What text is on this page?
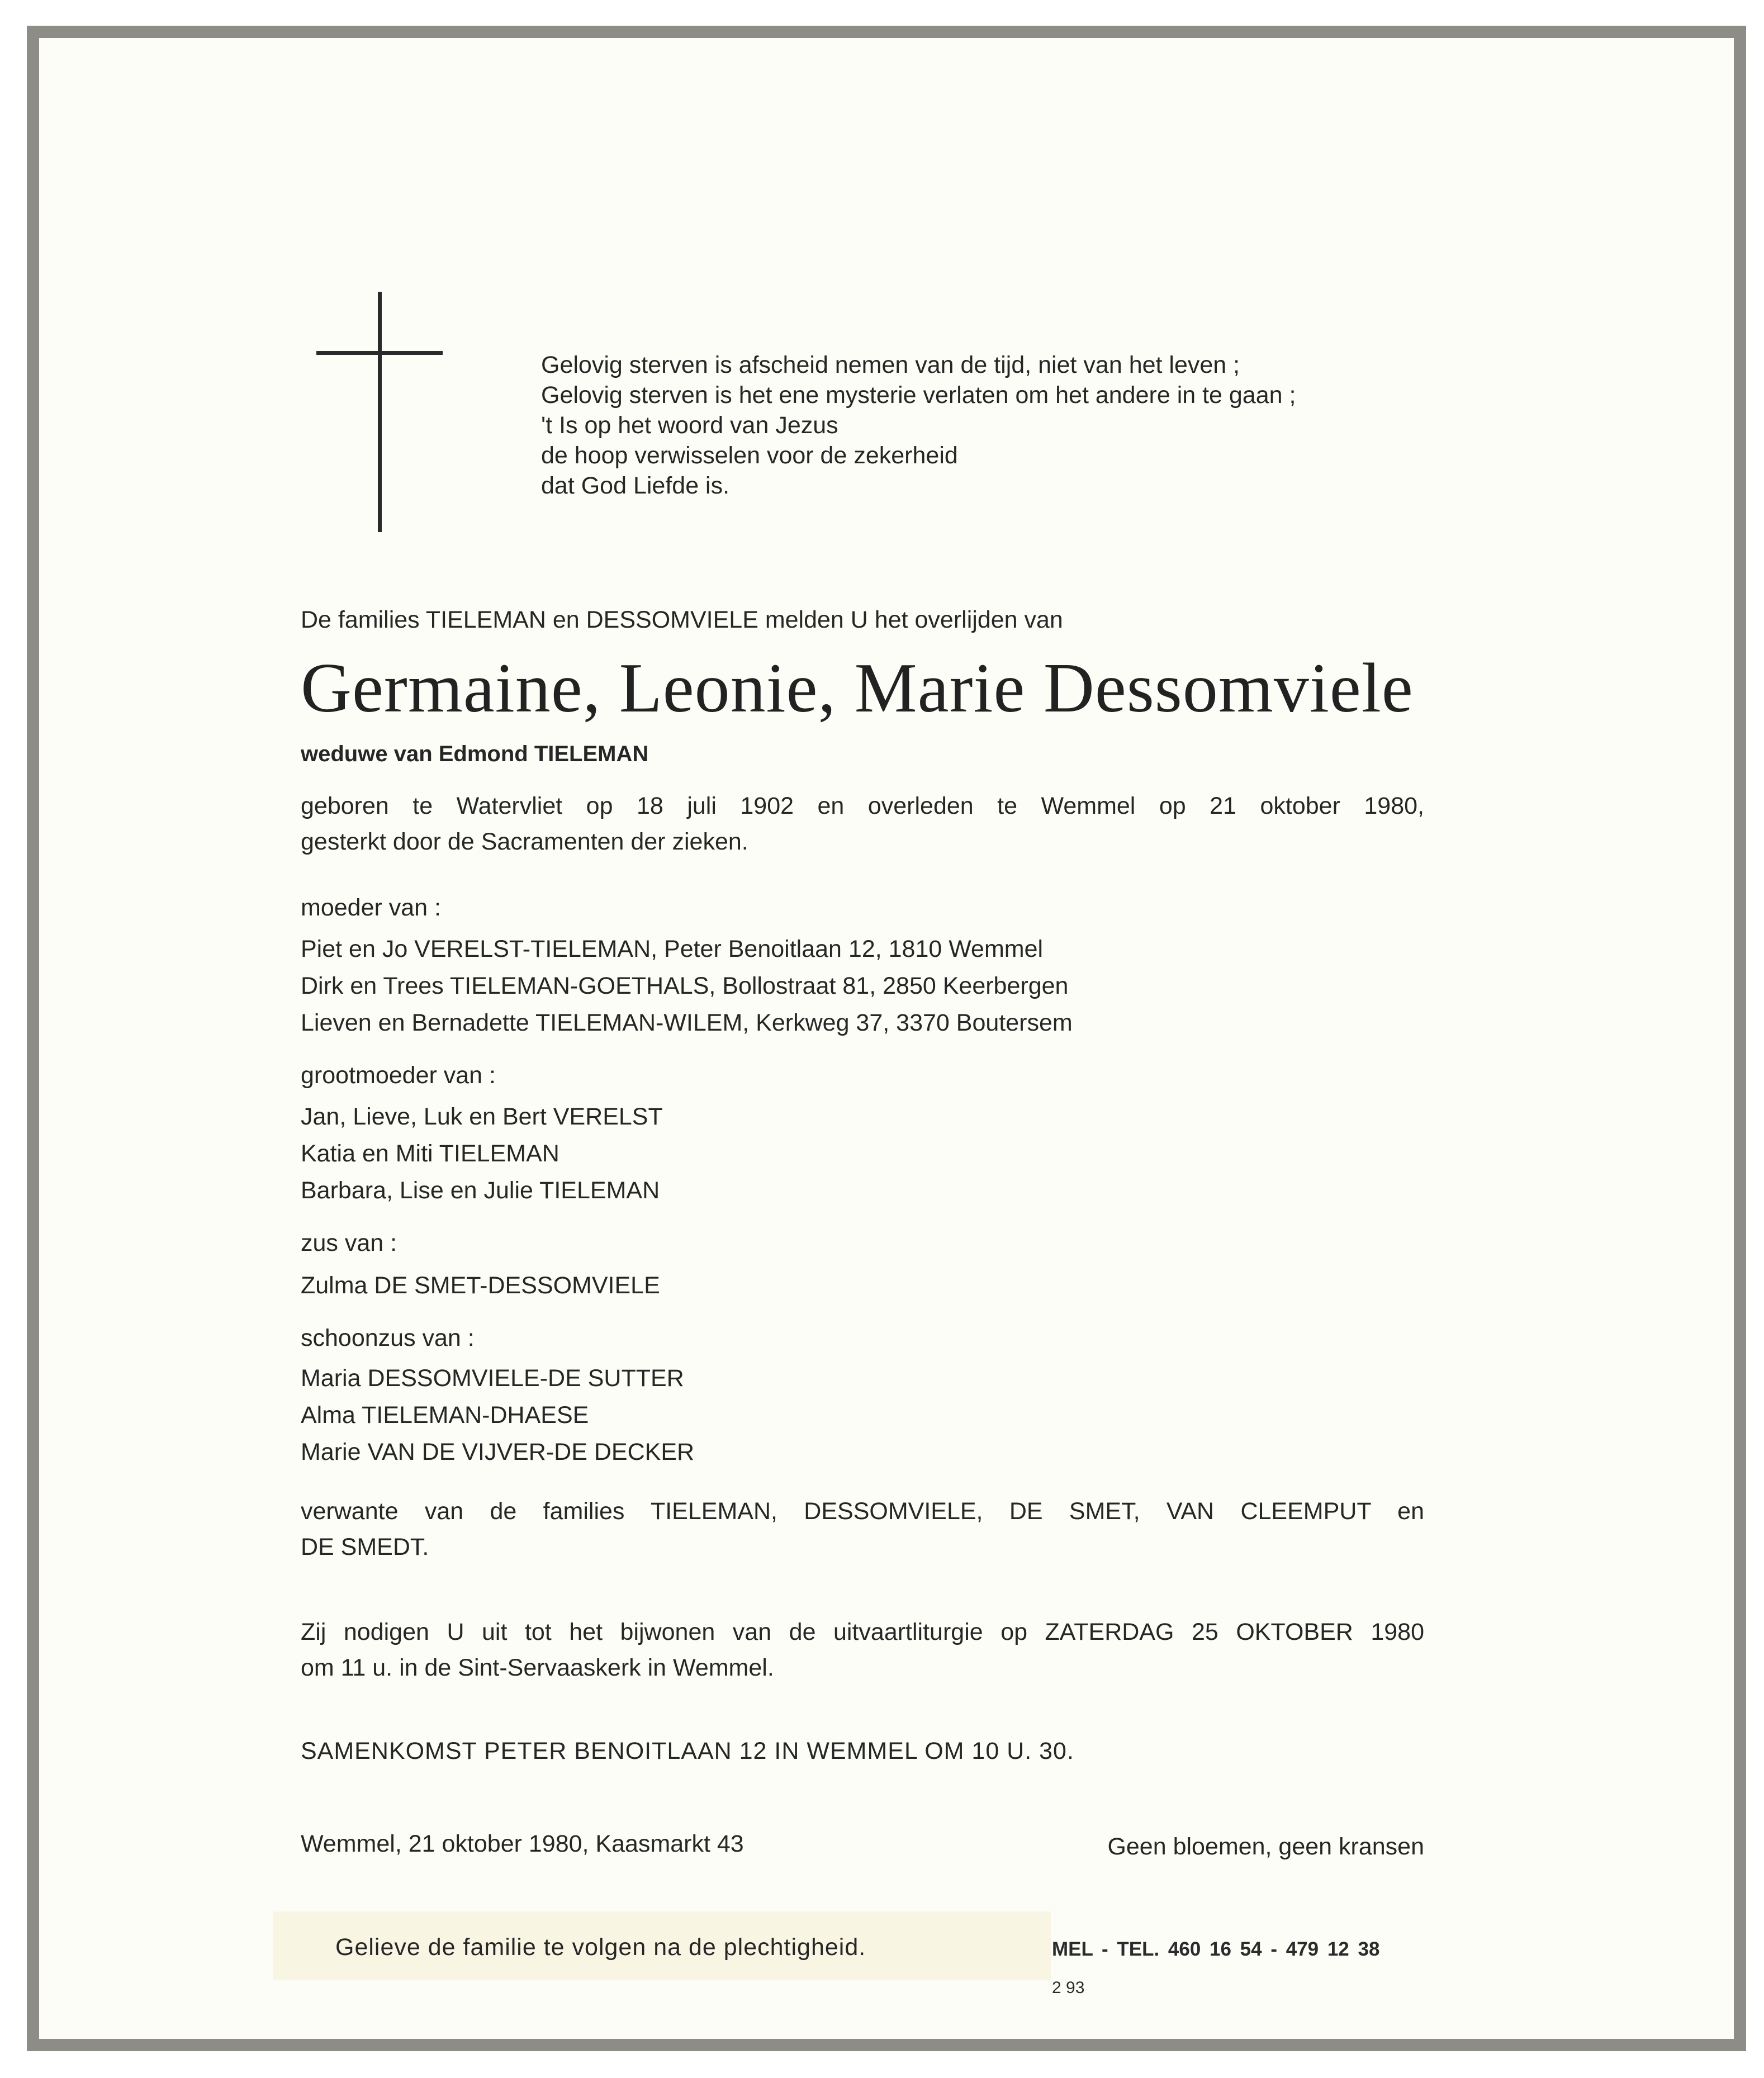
Gelovig sterven is afscheid nemen van de tijd, niet van het leven ;
Gelovig sterven is het ene mysterie verlaten om het andere in te gaan ;
't Is op het woord van Jezus
de hoop verwisselen voor de zekerheid
dat God Liefde is.
De families TIELEMAN en DESSOMVIELE melden U het overlijden van
Germaine, Leonie, Marie Dessomviele
weduwe van Edmond TIELEMAN
geboren te Watervliet op 18 juli 1902 en overleden te Wemmel op 21 oktober 1980,
gesterkt door de Sacramenten der zieken.
moeder van :
Piet en Jo VERELST-TIELEMAN, Peter Benoitlaan 12, 1810 Wemmel
Dirk en Trees TIELEMAN-GOETHALS, Bollostraat 81, 2850 Keerbergen
Lieven en Bernadette TIELEMAN-WILEM, Kerkweg 37, 3370 Boutersem
grootmoeder van :
Jan, Lieve, Luk en Bert VERELST
Katia en Miti TIELEMAN
Barbara, Lise en Julie TIELEMAN
zus van :
Zulma DE SMET-DESSOMVIELE
schoonzus van :
Maria DESSOMVIELE-DE SUTTER
Alma TIELEMAN-DHAESE
Marie VAN DE VIJVER-DE DECKER
verwante van de families TIELEMAN, DESSOMVIELE, DE SMET, VAN CLEEMPUT en
DE SMEDT.
Zij nodigen U uit tot het bijwonen van de uitvaartliturgie op ZATERDAG 25 OKTOBER 1980
om 11 u. in de Sint-Servaaskerk in Wemmel.
SAMENKOMST PETER BENOITLAAN 12 IN WEMMEL OM 10 U. 30.
Wemmel, 21 oktober 1980, Kaasmarkt 43	Geen bloemen, geen kransen
Gelieve de familie te volgen na de plechtigheid.	MEL - TEL. 460 16 54 - 479 12 38
2 93
